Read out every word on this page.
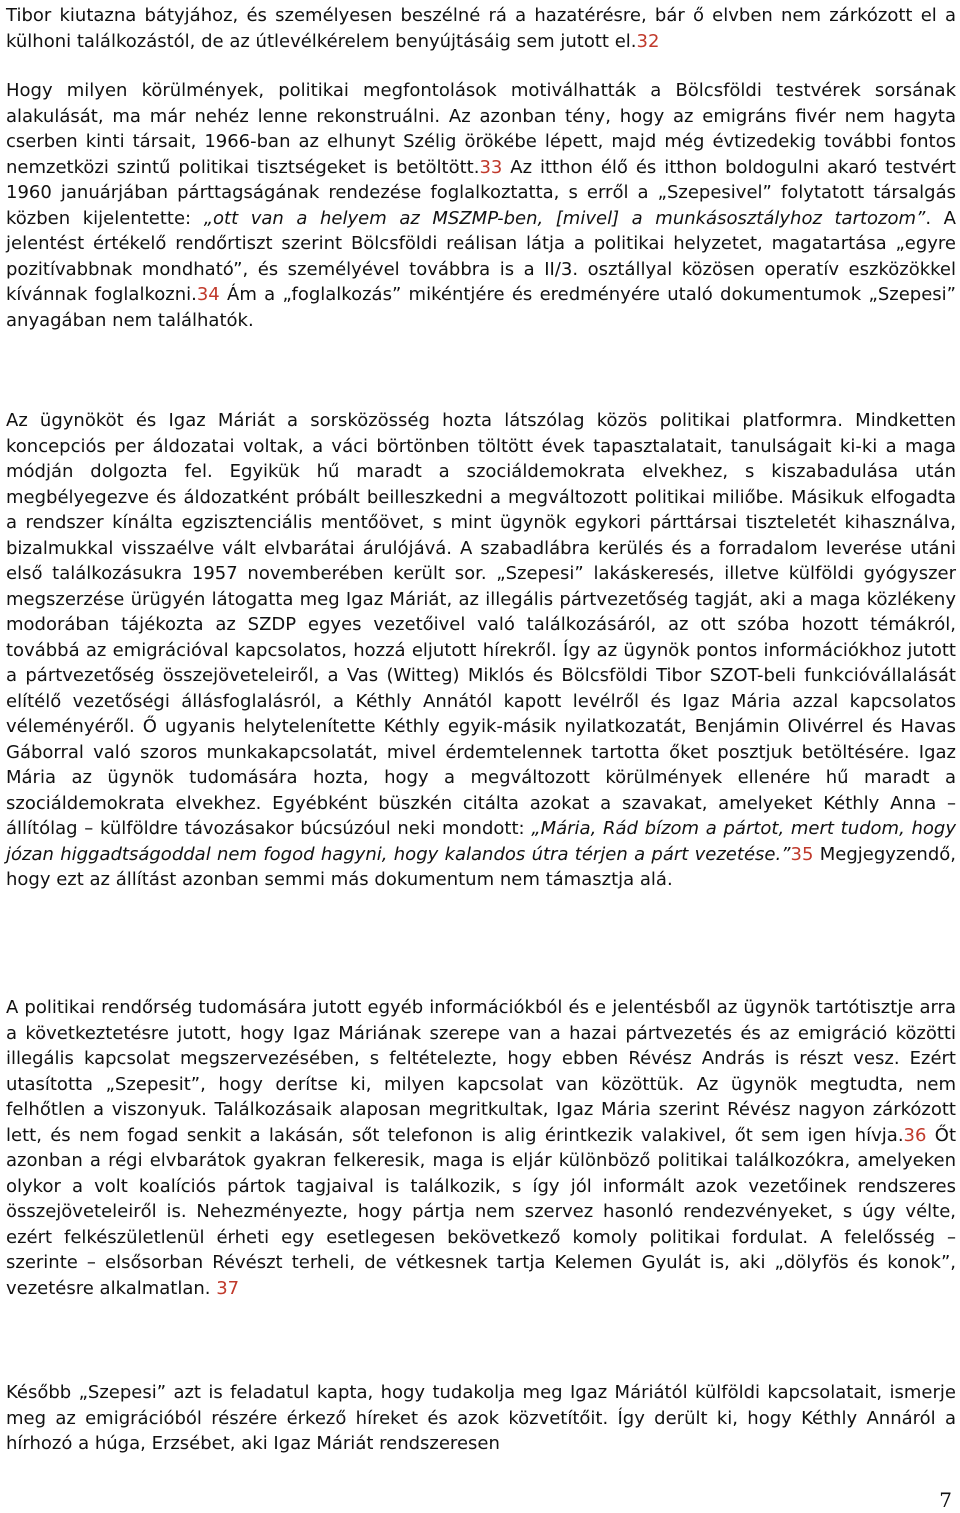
Tibor kiutazna bátyjához, és személyesen beszélné rá a hazatérésre, bár ő elvben nem zárkózott el a külhoni találkozástól, de az útlevélkérelem benyújtásáig sem jutott el.32

Hogy milyen körülmények, politikai megfontolások motiválhatták a Bölcsföldi testvérek sorsának alakulását, ma már nehéz lenne rekonstruálni. Az azonban tény, hogy az emigráns fivér nem hagyta cserben kinti társait, 1966-ban az elhunyt Szélig örökébe lépett, majd még évtizedekig további fontos nemzetközi szintű politikai tisztségeket is betöltött.33 Az itthon élő és itthon boldogulni akaró testvért 1960 januárjában párttagságának rendezése foglalkoztatta, s erről a „Szepesivel” folytatott társalgás közben kijelentette: „ott van a helyem az MSZMP-ben, [mivel] a munkásosztályhoz tartozom”. A jelentést értékelő rendőrtiszt szerint Bölcsföldi reálisan látja a politikai helyzetet, magatartása „egyre pozitívabbnak mondható”, és személyével továbbra is a II/3. osztállyal közösen operatív eszközökkel kívánnak foglalkozni.34 Ám a „foglalkozás” mikéntjére és eredményére utaló dokumentumok „Szepesi” anyagában nem találhatók.

Az ügynököt és Igaz Máriát a sorsközösség hozta látszólag közös politikai platformra. Mindketten koncepciós per áldozatai voltak, a váci börtönben töltött évek tapasztalatait, tanulságait ki-ki a maga módján dolgozta fel. Egyikük hű maradt a szociáldemokrata elvekhez, s kiszabadulása után megbélyegezve és áldozatként próbált beilleszkedni a megváltozott politikai miliőbe. Másikuk elfogadta a rendszer kínálta egzisztenciális mentőövet, s mint ügynök egykori párttársai tiszteletét kihasználva, bizalmukkal visszaélve vált elvbarátai árulójává. A szabadlábra kerülés és a forradalom leverése utáni első találkozásukra 1957 novemberében került sor. „Szepesi” lakáskeresés, illetve külföldi gyógyszer megszerzése ürügyén látogatta meg Igaz Máriát, az illegális pártvezetőség tagját, aki a maga közlékeny modorában tájékozta az SZDP egyes vezetőivel való találkozásáról, az ott szóba hozott témákról, továbbá az emigrációval kapcsolatos, hozzá eljutott hírekről. Így az ügynök pontos információkhoz jutott a pártvezetőség összejöveteleiről, a Vas (Witteg) Miklós és Bölcsföldi Tibor SZOT-beli funkcióvállalását elítélő vezetőségi állásfoglalásról, a Kéthly Annától kapott levélről és Igaz Mária azzal kapcsolatos véleményéről. Ő ugyanis helytelenítette Kéthly egyik-másik nyilatkozatát, Benjámin Olivérrel és Havas Gáborral való szoros munkakapcsolatát, mivel érdemtelennek tartotta őket posztjuk betöltésére. Igaz Mária az ügynök tudomására hozta, hogy a megváltozott körülmények ellenére hű maradt a szociáldemokrata elvekhez. Egyébként büszkén citálta azokat a szavakat, amelyeket Kéthly Anna – állítólag – külföldre távozásakor búcsúzóul neki mondott: „Mária, Rád bízom a pártot, mert tudom, hogy józan higgadtságoddal nem fogod hagyni, hogy kalandos útra térjen a párt vezetése.”35 Megjegyzendő, hogy ezt az állítást azonban semmi más dokumentum nem támasztja alá.

A politikai rendőrség tudomására jutott egyéb információkból és e jelentésből az ügynök tartótisztje arra a következtetésre jutott, hogy Igaz Máriának szerepe van a hazai pártvezetés és az emigráció közötti illegális kapcsolat megszervezésében, s feltételezte, hogy ebben Révész András is részt vesz. Ezért utasította „Szepesit”, hogy derítse ki, milyen kapcsolat van közöttük. Az ügynök megtudta, nem felhőtlen a viszonyuk. Találkozásaik alaposan megritkultak, Igaz Mária szerint Révész nagyon zárkózott lett, és nem fogad senkit a lakásán, sőt telefonon is alig érintkezik valakivel, őt sem igen hívja.36 Őt azonban a régi elvbarátok gyakran felkeresik, maga is eljár különböző politikai találkozókra, amelyeken olykor a volt koalíciós pártok tagjaival is találkozik, s így jól informált azok vezetőinek rendszeres összejöveteleiről is. Nehezményezte, hogy pártja nem szervez hasonló rendezvényeket, s úgy vélte, ezért felkészületlenül érheti egy esetlegesen bekövetkező komoly politikai fordulat. A felelősség – szerinte – elsősorban Révészt terheli, de vétkesnek tartja Kelemen Gyulát is, aki „dölyfös és konok”, vezetésre alkalmatlan. 37

Később „Szepesi” azt is feladatul kapta, hogy tudakolja meg Igaz Máriától külföldi kapcsolatait, ismerje meg az emigrációból részére érkező híreket és azok közvetítőit. Így derült ki, hogy Kéthly Annáról a hírhozó a húga, Erzsébet, aki Igaz Máriát rendszeresen

7
